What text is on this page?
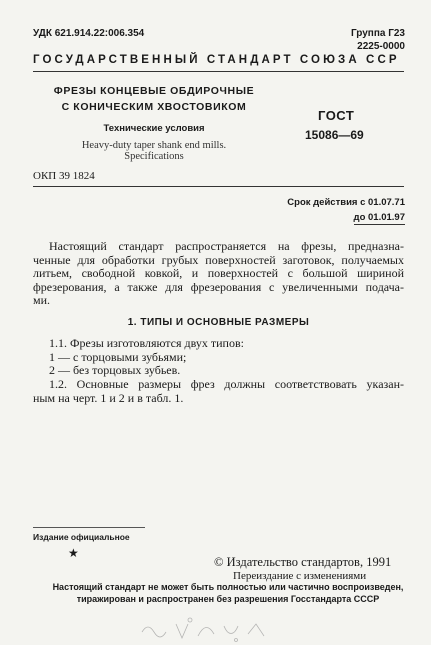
УДК 621.914.22:006.354	Группа Г23
2225-0000
ГОСУДАРСТВЕННЫЙ СТАНДАРТ СОЮЗА ССР
ФРЕЗЫ КОНЦЕВЫЕ ОБДИРОЧНЫЕ
С КОНИЧЕСКИМ ХВОСТОВИКОМ
Технические условия
Heavy-duty taper shank end mills.
Specifications
ГОСТ
15086—69
ОКП 39 1824
Срок действия с 01.07.71
до 01.01.97

Настоящий стандарт распространяется на фрезы, предназна-

ченные для обработки грубых поверхностей заготовок, получаемых

литьем, свободной ковкой, и поверхностей с большой шириной

фрезерования, а также для фрезерования с увеличенными подача-

ми.

1. ТИПЫ И ОСНОВНЫЕ РАЗМЕРЫ
1.1. Фрезы изготовляются двух типов:
1 — с торцовыми зубьями;
2 — без торцовых зубьев.
1.2. Основные размеры фрез должны соответствовать указан-
ным на черт. 1 и 2 и в табл. 1.
Издание официальное
★
© Издательство стандартов, 1991
Переиздание с изменениями
Настоящий стандарт не может быть полностью или частично воспроизведен,
тиражирован и распространен без разрешения Госстандарта СССР
